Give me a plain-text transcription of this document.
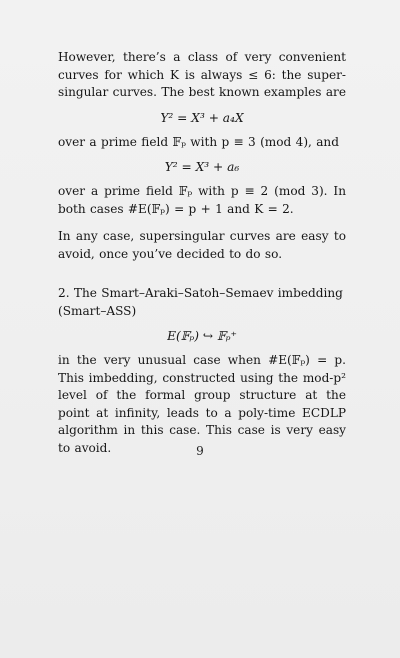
However, there’s a class of very convenient curves for which K is always ≤ 6: the super-singular curves. The best known examples are

Y² = X³ + a₄X

over a prime field 𝔽ₚ with p ≡ 3 (mod 4), and

Y² = X³ + a₆

over a prime field 𝔽ₚ with p ≡ 2 (mod 3). In both cases #E(𝔽ₚ) = p + 1 and K = 2.

In any case, supersingular curves are easy to avoid, once you’ve decided to do so.

2. The Smart–Araki–Satoh–Semaev imbedding (Smart–ASS)

E(𝔽ₚ) ↪ 𝔽ₚ⁺

in the very unusual case when #E(𝔽ₚ) = p. This imbedding, constructed using the mod-p² level of the formal group structure at the point at infinity, leads to a poly-time ECDLP algorithm in this case. This case is very easy to avoid.	9
